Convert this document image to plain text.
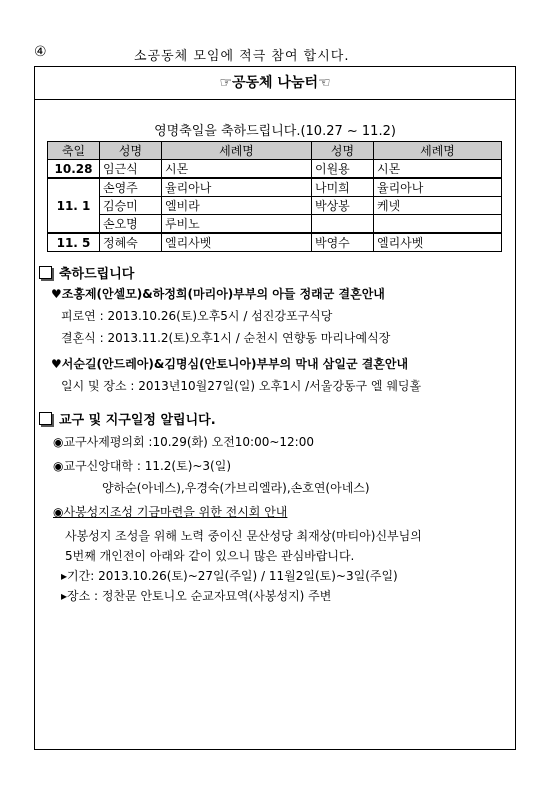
④	소공동체 모임에 적극 참여 합시다.
☞공동체 나눔터☜
영명축일을 축하드립니다.(10.27 ~ 11.2)
축일	성명	세례명	성명	세례명
10.28	임근식	시몬	이원용	시몬
11. 1	손영주	율리아나	나미희	율리아나
	김승미	엘비라	박상봉	케넷
	손오명	루비노		
11. 5	정혜숙	엘리사벳	박영수	엘리사벳
축하드립니다
♥조홍제(안셀모)&하정희(마리아)부부의 아들 정래군 결혼안내
피로연 : 2013.10.26(토)오후5시 / 섬진강포구식당
결혼식 : 2013.11.2(토)오후1시 / 순천시 연향동 마리나예식장
♥서순길(안드레아)&김명심(안토니아)부부의 막내 삼일군 결혼안내
일시 및 장소 : 2013년10월27일(일) 오후1시 /서울강동구 엘 웨딩홀
교구 및 지구일정 알립니다.
◉교구사제평의회 :10.29(화) 오전10:00~12:00
◉교구신앙대학 : 11.2(토)~3(일)
양하순(아네스),우경숙(가브리엘라),손호연(아네스)
◉사봉성지조성 기금마련을 위한 전시회 안내
사봉성지 조성을 위해 노력 중이신 문산성당 최재상(마티아)신부님의
5번째 개인전이 아래와 같이 있으니 많은 관심바랍니다.
▸기간: 2013.10.26(토)~27일(주일) / 11월2일(토)~3일(주일)
▸장소 : 정찬문 안토니오 순교자묘역(사봉성지) 주변
